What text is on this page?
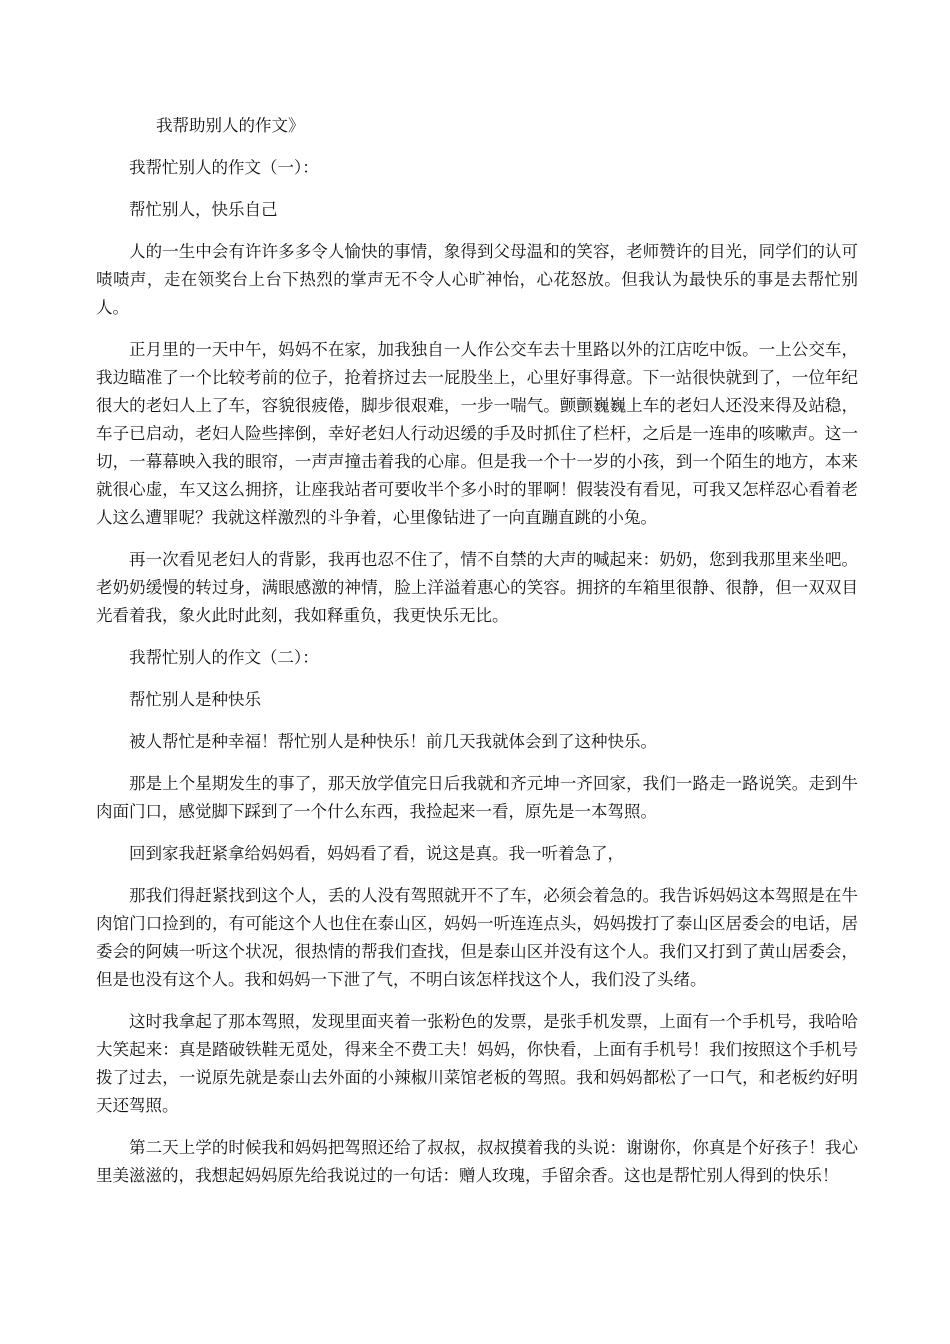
我帮助别人的作文》

我帮忙别人的作文（一）：

帮忙别人，快乐自己

人的一生中会有许许多多令人愉快的事情，象得到父母温和的笑容，老师赞许的目光，同学们的认可啧啧声，走在领奖台上台下热烈的掌声无不令人心旷神怡，心花怒放。但我认为最快乐的事是去帮忙别人。

正月里的一天中午，妈妈不在家，加我独自一人作公交车去十里路以外的江店吃中饭。一上公交车，我边瞄准了一个比较考前的位子，抢着挤过去一屁股坐上，心里好事得意。下一站很快就到了，一位年纪很大的老妇人上了车，容貌很疲倦，脚步很艰难，一步一喘气。颤颤巍巍上车的老妇人还没来得及站稳，车子已启动，老妇人险些摔倒，幸好老妇人行动迟缓的手及时抓住了栏杆，之后是一连串的咳嗽声。这一切，一幕幕映入我的眼帘，一声声撞击着我的心扉。但是我一个十一岁的小孩，到一个陌生的地方，本来就很心虚，车又这么拥挤，让座我站者可要收半个多小时的罪啊！假装没有看见，可我又怎样忍心看着老人这么遭罪呢？我就这样激烈的斗争着，心里像钻进了一向直蹦直跳的小兔。

再一次看见老妇人的背影，我再也忍不住了，情不自禁的大声的喊起来：奶奶，您到我那里来坐吧。老奶奶缓慢的转过身，满眼感激的神情，脸上洋溢着惠心的笑容。拥挤的车箱里很静、很静，但一双双目光看着我，象火此时此刻，我如释重负，我更快乐无比。

我帮忙别人的作文（二）：

帮忙别人是种快乐

被人帮忙是种幸福！帮忙别人是种快乐！前几天我就体会到了这种快乐。

那是上个星期发生的事了，那天放学值完日后我就和齐元坤一齐回家，我们一路走一路说笑。走到牛肉面门口，感觉脚下踩到了一个什么东西，我捡起来一看，原先是一本驾照。

回到家我赶紧拿给妈妈看，妈妈看了看，说这是真。我一听着急了，

那我们得赶紧找到这个人，丢的人没有驾照就开不了车，必须会着急的。我告诉妈妈这本驾照是在牛肉馆门口捡到的，有可能这个人也住在泰山区，妈妈一听连连点头，妈妈拨打了泰山区居委会的电话，居委会的阿姨一听这个状况，很热情的帮我们查找，但是泰山区并没有这个人。我们又打到了黄山居委会，但是也没有这个人。我和妈妈一下泄了气，不明白该怎样找这个人，我们没了头绪。

这时我拿起了那本驾照，发现里面夹着一张粉色的发票，是张手机发票，上面有一个手机号，我哈哈大笑起来：真是踏破铁鞋无觅处，得来全不费工夫！妈妈，你快看，上面有手机号！我们按照这个手机号拨了过去，一说原先就是泰山去外面的小辣椒川菜馆老板的驾照。我和妈妈都松了一口气，和老板约好明天还驾照。

第二天上学的时候我和妈妈把驾照还给了叔叔，叔叔摸着我的头说：谢谢你，你真是个好孩子！我心里美滋滋的，我想起妈妈原先给我说过的一句话：赠人玫瑰，手留余香。这也是帮忙别人得到的快乐！
